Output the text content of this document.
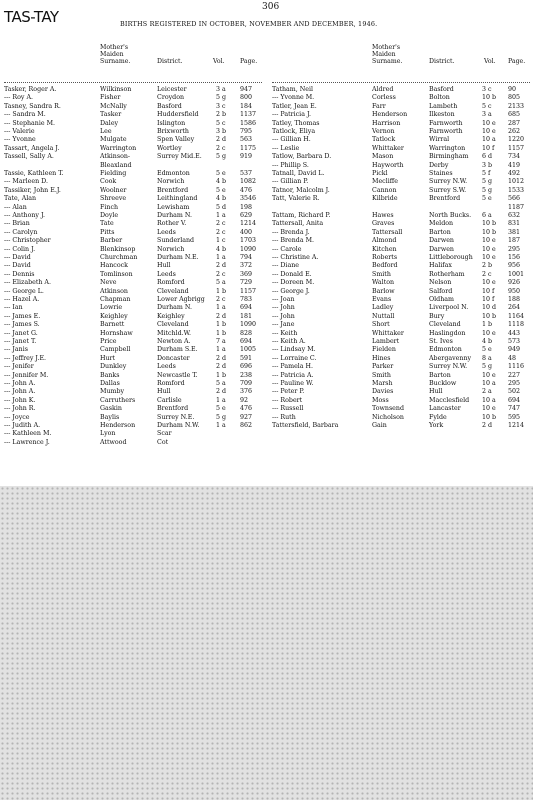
TAS-TAY
306
BIRTHS REGISTERED IN OCTOBER, NOVEMBER AND DECEMBER, 1946.
Mother's
Maiden
Surname.	District.	Vol. Page.
Mother's
Maiden
Surname.	District.	Vol. Page.
Tasker, Roger A.	Wilkinson	Leicester	3 a 947
--- Roy A.	Fisher	Croydon	5 g 800
Tasney, Sandra R.	McNally	Basford	3 c 184
--- Sandra M.	Tasker	Huddersfield	2 b 1137
--- Stephanie M.	Daley	Islington	5 c 1586
--- Valerie	Lee	Brixworth	3 b 795
--- Yvonne	Mulgate	Spen Valley	2 d 563
Tassart, Angela J.	Warrington	Wortley	2 c 1175
Tassell, Sally A.	Atkinson-	Surrey Mid.E. 5 g 919
Bleaxland
Tassie, Kathleen T.	Fielding	Edmonton	5 e 537
--- Marleen D.	Cook	Norwich	4 b 1082
Tassiker, John E.J.	Woolner	Brentford	5 e 476
Tate, Alan	Shreeve	Leithingland	4 b 3546
--- Alan	Finch	Lewisham	5 d 198
--- Anthony J.	Doyle	Durham N.	1 a 629
--- Brian	Tate	Rother V.	2 c 1214
--- Carolyn	Pitts	Leeds	2 c 400
--- Christopher	Barber	Sunderland	1 c 1703
--- Colin J.	Blenkinsop	Norwich	4 b 1090
--- David	Churchman	Durham N.E.	1 a 794
--- David	Hancock	Hull	2 d 372
--- Dennis	Tomlinson	Leeds	2 c 369
--- Elizabeth A.	Neve	Romford	5 a 729
--- George L.	Atkinson	Cleveland	1 b 1157
--- Hazel A.	Chapman	Lower Agbrigg 2 c 783
--- Ian	Lowrie	Durham N.	1 a 694
--- James E.	Keighley	Keighley	2 d 181
--- James S.	Barnett	Cleveland	1 b 1090
--- Janet G.	Hornshaw	Mitchld.W.	1 b 828
--- Janet T.	Price	Newton A.	7 a 694
--- Janis	Campbell	Durham S.E.	1 a 1005
--- Jeffrey J.E.	Hurt	Doncaster	2 d 591
--- Jenifer	Dunkley	Leeds	2 d 696
--- Jennifer M.	Banks	Newcastle T.	1 b 238
--- John A.	Dallas	Romford	5 a 709
--- John A.	Mumby	Hull	2 d 376
--- John K.	Carruthers	Carlisle	1 a 92
--- John R.	Gaskin	Brentford	5 e 476
--- Joyce	Baylis	Surrey N.E.	5 g 927
--- Judith A.	Henderson	Durham N.W.	1 a 862
--- Kathleen M.	Lyon	Scar
--- Lawrence J.	Attwood	Cot
Tatham, Neil	Aldred	Basford	3 c	90
--- Yvonne M.	Corless	Bolton	10 b 805
Tatler, Jean E.	Farr	Lambeth	5 c	2133
--- Patricia J.	Henderson	Ilkeston	3 a	685
Tatley, Thomas	Harrison	Farnworth	10 e 287
Tatlock, Eliya	Vernon	Farnworth	10 e 262
--- Gillian H.	Tatlock	Wirral	10 a 1220
--- Leslie	Whittaker	Warrington	10 f 1157
Tatlow, Barbara D.	Mason	Birmingham 6 d	734
--- Phillip S.	Hayworth	Derby	3 b	419
Tatnall, David L.	Pickl	Staines	5 f	492
--- Gillian P.	Mecliffe	Surrey N.W. 5 g	1012
Tatnor, Malcolm J.	Cannon	Surrey S.W.	5 g	1533
Tatt, Valerie R.	Kilbride	Brentford	5 e	566
1187
Tattam, Richard P.	Hawes	North Bucks. 6 a	632
Tattersall, Anita	Graves	Meldon	10 b 831
--- Brenda J.	Tattersall	Barton	10 b 381
--- Brenda M.	Almond	Darwen	10 e 187
--- Carole	Kitchen	Darwen	10 e 295
--- Christine A.	Roberts	Littleborough 10 e 156
--- Diane	Bedford	Halifax	2 b	956
--- Donald E.	Smith	Rotherham	2 c	1001
--- Doreen M.	Walton	Nelson	10 e 926
--- George J.	Barlow	Salford	10 f 950
--- Joan	Evans	Oldham	10 f 188
--- John	Ladley	Liverpool N. 10 d 264
--- John	Nuttall	Bury	10 b 1164
--- Jane	Short	Cleveland	1 b	1118
--- Keith	Whittaker	Haslingdon	10 e 443
--- Keith A.	Lambert	St. Ives	4 b	573
--- Lindsay M.	Fielden	Edmonton	5 e	949
--- Lorraine C.	Hines	Abergavenny 8 a	48
--- Pamela H.	Parker	Surrey N.W. 5 g	1116
--- Patricia A.	Smith	Barton	10 e 227
--- Pauline W.	Marsh	Bucklow	10 a 295
--- Peter P.	Davies	Hull	2 a	502
--- Robert	Moss	Macclesfield 10 a 694
--- Russell	Townsend	Lancaster	10 e 747
--- Ruth	Nicholson	Fylde	10 b 595
Tattersfield, Barbara	Gain	York	2 d	1214
